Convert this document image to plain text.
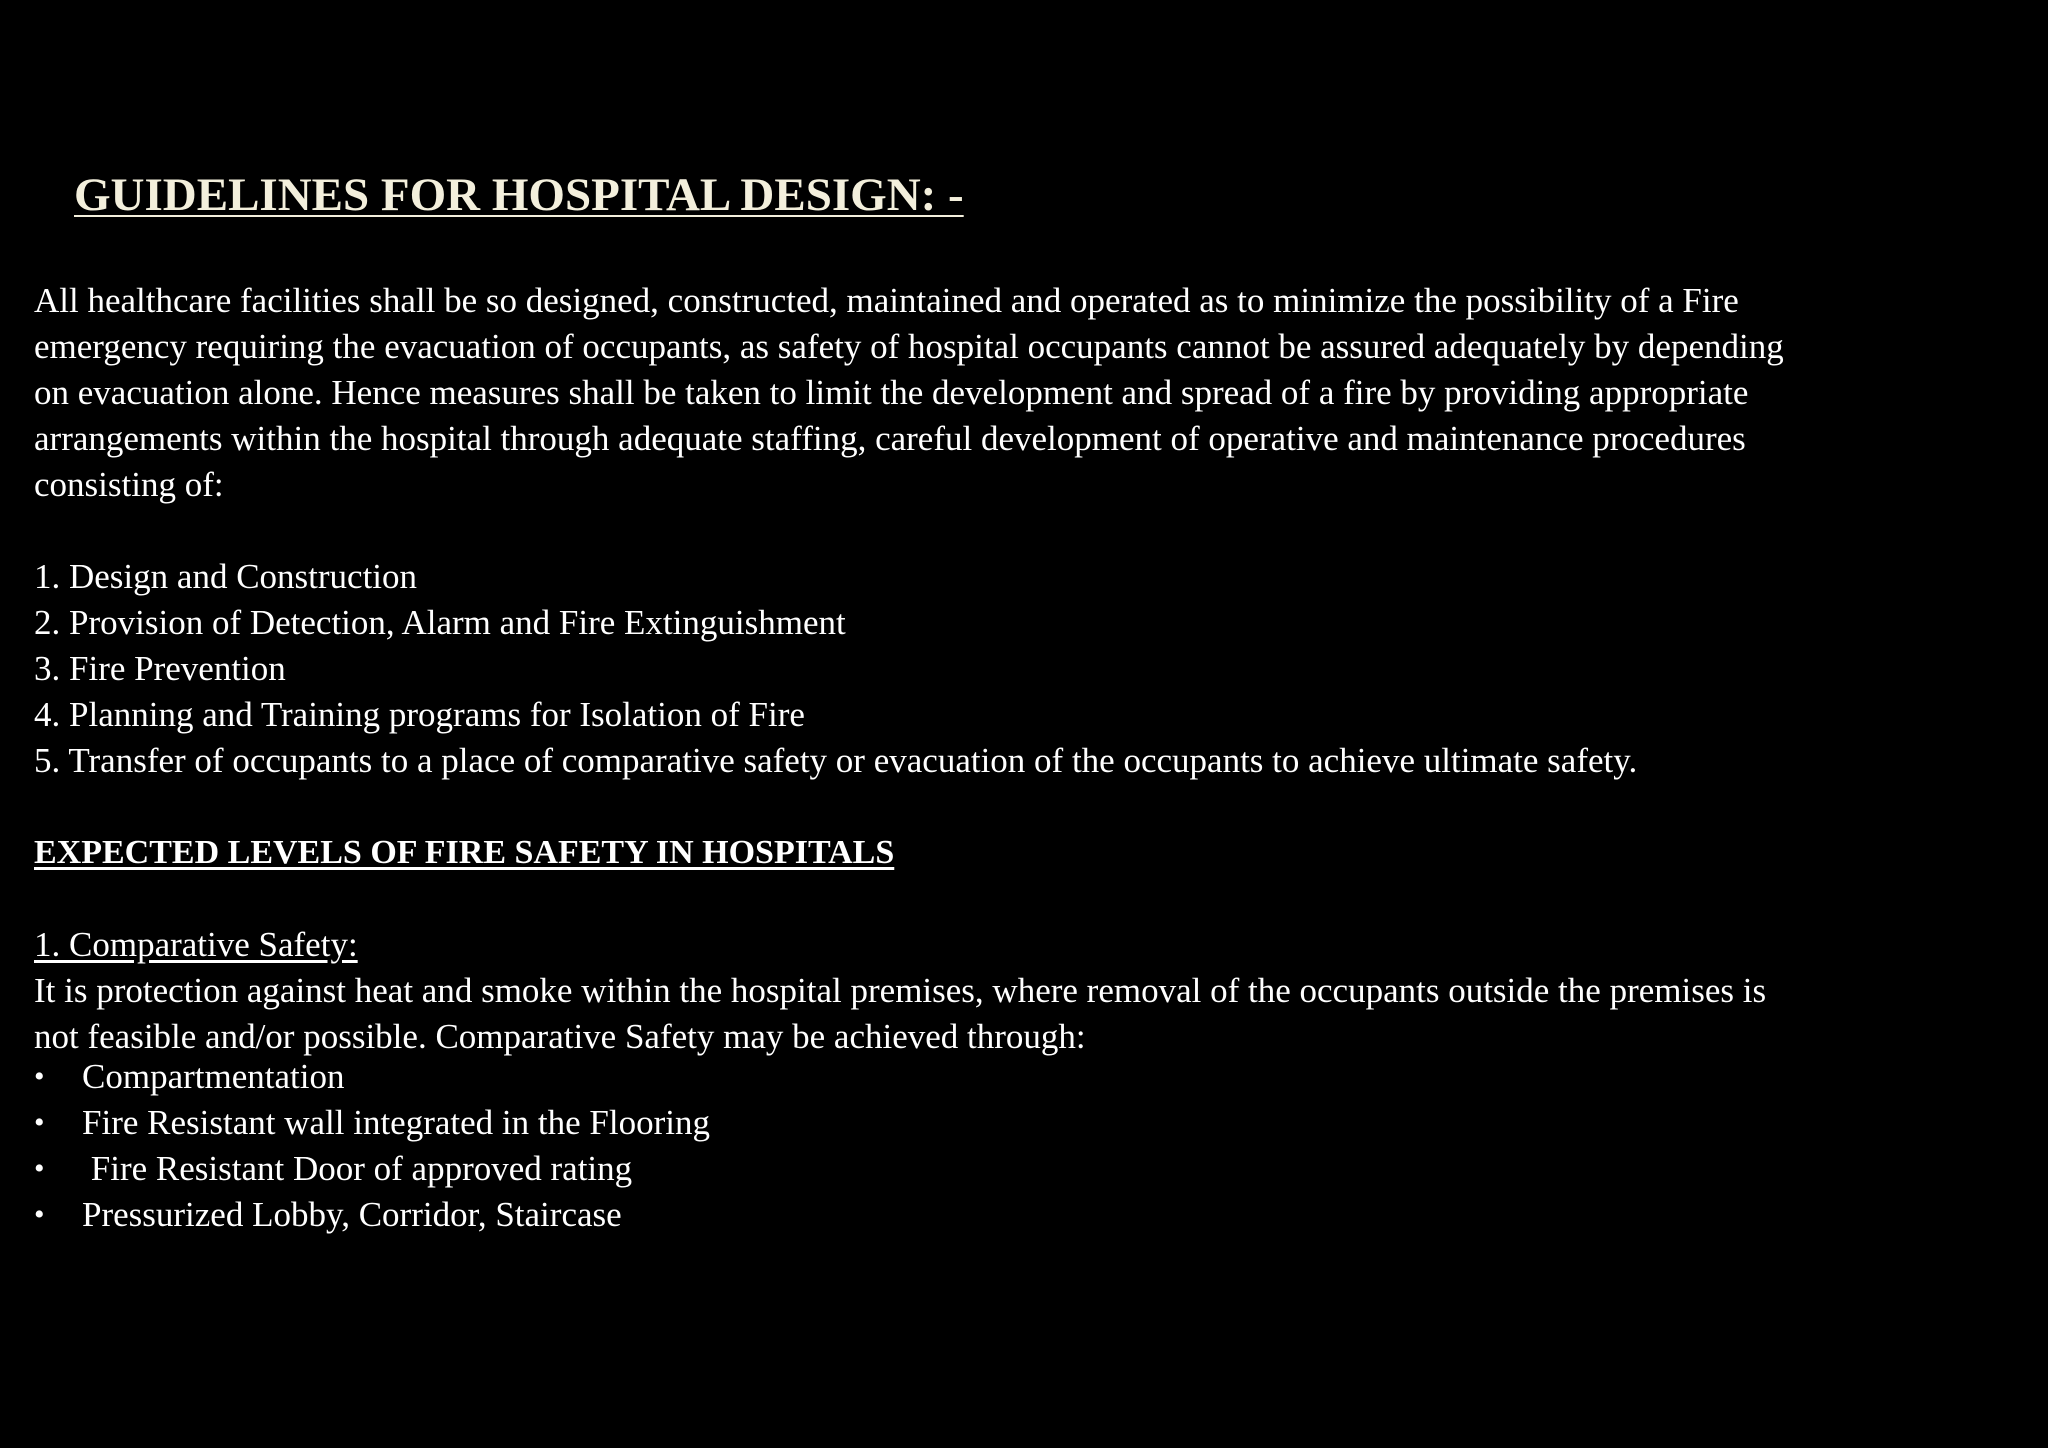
GUIDELINES FOR HOSPITAL DESIGN: -

All healthcare facilities shall be so designed, constructed, maintained and operated as to minimize the possibility of a Fire

emergency requiring the evacuation of occupants, as safety of hospital occupants cannot be assured adequately by depending

on evacuation alone. Hence measures shall be taken to limit the development and spread of a fire by providing appropriate

arrangements within the hospital through adequate staffing, careful development of operative and maintenance procedures

consisting of:

1. Design and Construction
2. Provision of Detection, Alarm and Fire Extinguishment
3. Fire Prevention
4. Planning and Training programs for Isolation of Fire
5. Transfer of occupants to a place of comparative safety or evacuation of the occupants to achieve ultimate safety.

EXPECTED LEVELS OF FIRE SAFETY IN HOSPITALS

1. Comparative Safety:

It is protection against heat and smoke within the hospital premises, where removal of the occupants outside the premises is

not feasible and/or possible. Comparative Safety may be achieved through:

• Compartmentation
• Fire Resistant wall integrated in the Flooring
• Fire Resistant Door of approved rating
• Pressurized Lobby, Corridor, Staircase
